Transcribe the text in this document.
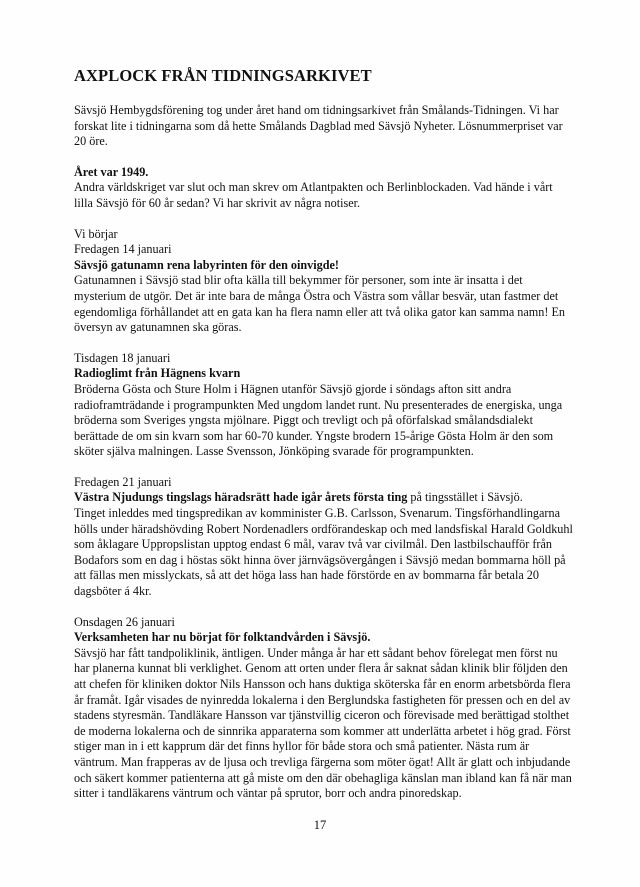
AXPLOCK FRÅN TIDNINGSARKIVET

Sävsjö Hembygdsförening tog under året hand om tidningsarkivet från Smålands-Tidningen. Vi har forskat lite i tidningarna som då hette Smålands Dagblad med Sävsjö Nyheter. Lösnummerpriset var 20 öre.

Året var 1949.

Andra världskriget var slut och man skrev om Atlantpakten och Berlinblockaden. Vad hände i vårt lilla Sävsjö för 60 år sedan? Vi har skrivit av några notiser.

Vi börjar

Fredagen 14 januari

Sävsjö gatunamn rena labyrinten för den oinvigde!

Gatunamnen i Sävsjö stad blir ofta källa till bekymmer för personer, som inte är insatta i det mysterium de utgör. Det är inte bara de många Östra och Västra som vållar besvär, utan fastmer det egendomliga förhållandet att en gata kan ha flera namn eller att två olika gator kan samma namn! En översyn av gatunamnen ska göras.

Tisdagen 18 januari

Radioglimt från Hägnens kvarn

Bröderna Gösta och Sture Holm i Hägnen utanför Sävsjö gjorde i söndags afton sitt andra radioframträdande i programpunkten Med ungdom landet runt. Nu presenterades de energiska, unga bröderna som Sveriges yngsta mjölnare. Piggt och trevligt och på oförfalskad smålandsdialekt berättade de om sin kvarn som har 60-70 kunder. Yngste brodern 15-årige Gösta Holm är den som sköter själva malningen. Lasse Svensson, Jönköping svarade för programpunkten.

Fredagen 21 januari

Västra Njudungs tingslags häradsrätt hade igår årets första ting på tingsstället i Sävsjö.

Tinget inleddes med tingspredikan av komminister G.B. Carlsson, Svenarum. Tingsförhandlingarna hölls under häradshövding Robert Nordenadlers ordförandeskap och med landsfiskal Harald Goldkuhl som åklagare Uppropslistan upptog endast 6 mål, varav två var civilmål. Den lastbilschaufför från Bodafors som en dag i höstas sökt hinna över järnvägsövergången i Sävsjö medan bommarna höll på att fällas men misslyckats, så att det höga lass han hade förstörde en av bommarna får betala 20 dagsböter á 4kr.

Onsdagen 26 januari

Verksamheten har nu börjat för folktandvården i Sävsjö.

Sävsjö har fått tandpoliklinik, äntligen. Under många år har ett sådant behov förelegat men först nu har planerna kunnat bli verklighet. Genom att orten under flera år saknat sådan klinik blir följden den att chefen för kliniken doktor Nils Hansson och hans duktiga sköterska får en enorm arbetsbörda flera år framåt. Igår visades de nyinredda lokalerna i den Berglundska fastigheten för pressen och en del av stadens styresmän. Tandläkare Hansson var tjänstvillig ciceron och förevisade med berättigad stolthet de moderna lokalerna och de sinnrika apparaterna som kommer att underlätta arbetet i hög grad. Först stiger man in i ett kapprum där det finns hyllor för både stora och små patienter. Nästa rum är väntrum. Man frapperas av de ljusa och trevliga färgerna som möter ögat! Allt är glatt och inbjudande och säkert kommer patienterna att gå miste om den där obehagliga känslan man ibland kan få när man sitter i tandläkarens väntrum och väntar på sprutor, borr och andra pinoredskap.

17
